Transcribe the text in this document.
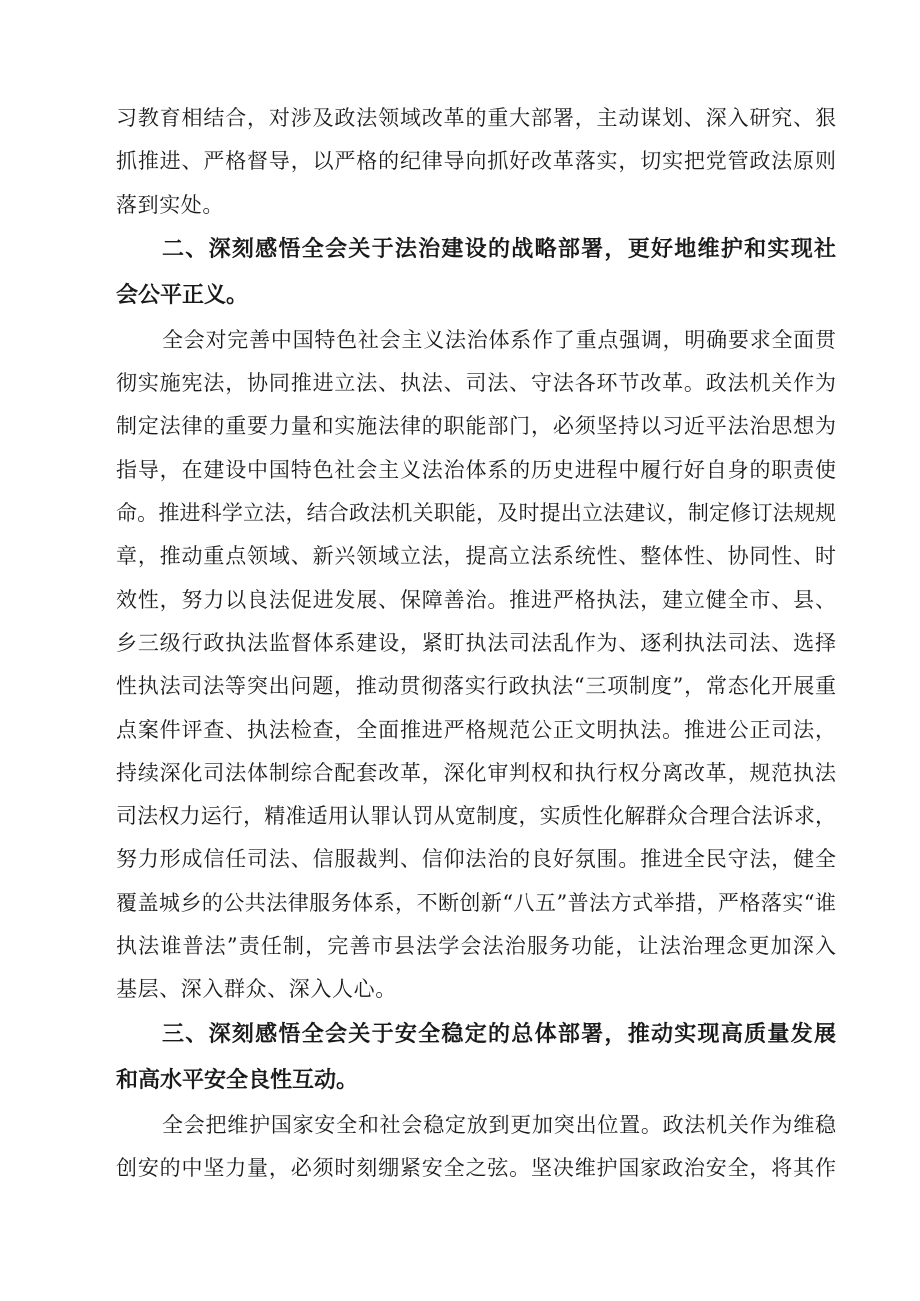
习教育相结合，对涉及政法领域改革的重大部署，主动谋划、深入研究、狠
抓推进、严格督导，以严格的纪律导向抓好改革落实，切实把党管政法原则
落到实处。
二、深刻感悟全会关于法治建设的战略部署，更好地维护和实现社
会公平正义。
全会对完善中国特色社会主义法治体系作了重点强调，明确要求全面贯
彻实施宪法，协同推进立法、执法、司法、守法各环节改革。政法机关作为
制定法律的重要力量和实施法律的职能部门，必须坚持以习近平法治思想为
指导，在建设中国特色社会主义法治体系的历史进程中履行好自身的职责使
命。推进科学立法，结合政法机关职能，及时提出立法建议，制定修订法规规
章，推动重点领域、新兴领域立法，提高立法系统性、整体性、协同性、时
效性，努力以良法促进发展、保障善治。推进严格执法，建立健全市、县、
乡三级行政执法监督体系建设，紧盯执法司法乱作为、逐利执法司法、选择
性执法司法等突出问题，推动贯彻落实行政执法“三项制度”，常态化开展重
点案件评查、执法检查，全面推进严格规范公正文明执法。推进公正司法，
持续深化司法体制综合配套改革，深化审判权和执行权分离改革，规范执法
司法权力运行，精准适用认罪认罚从宽制度，实质性化解群众合理合法诉求，
努力形成信任司法、信服裁判、信仰法治的良好氛围。推进全民守法，健全
覆盖城乡的公共法律服务体系，不断创新“八五”普法方式举措，严格落实“谁
执法谁普法”责任制，完善市县法学会法治服务功能，让法治理念更加深入
基层、深入群众、深入人心。
三、深刻感悟全会关于安全稳定的总体部署，推动实现高质量发展
和高水平安全良性互动。
全会把维护国家安全和社会稳定放到更加突出位置。政法机关作为维稳
创安的中坚力量，必须时刻绷紧安全之弦。坚决维护国家政治安全，将其作
